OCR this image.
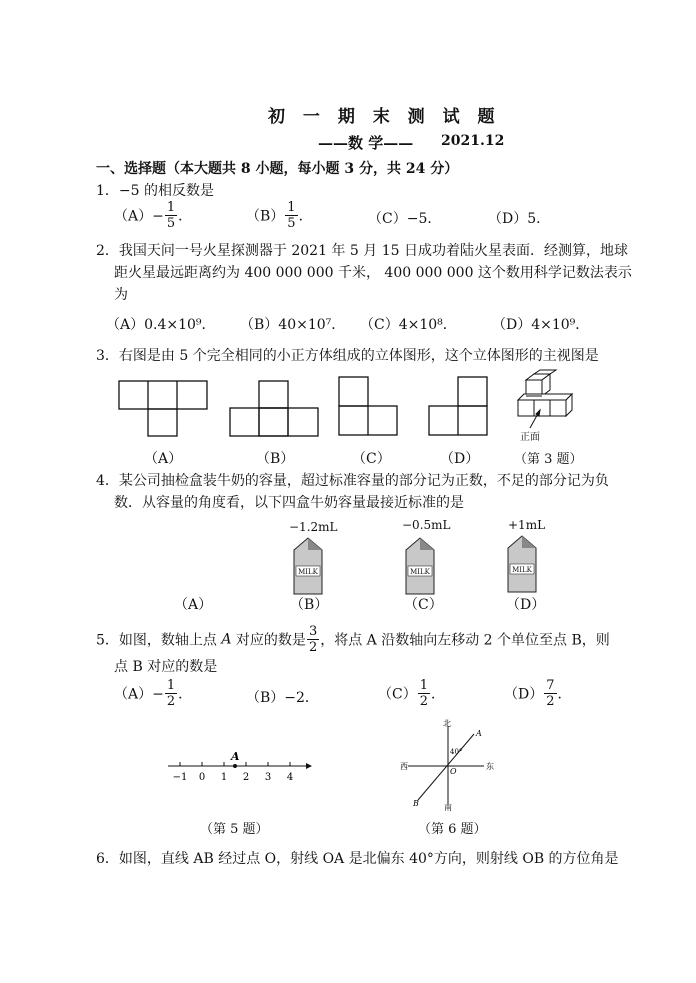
初 一 期 末 测 试 题
——数 学—— 2021.12
一、选择题（本大题共 8 小题，每小题 3 分，共 24 分）
1．−5 的相反数是
$(A)- \frac{1}{5}$ ．	$(B) \frac{1}{5}$ ．	（C）−5．	（D）5．
2．我国天问一号火星探测器于 2021 年 5 月 15 日成功着陆火星表面．经测算，地球
距火星最远距离约为 400 000 000 千米， 400 000 000 这个数用科学记数法表示
为
（A）0.4×10⁹． （B）40×10⁷． （C）4×10⁸．	（D）4×10⁹．
3．右图是由 5 个完全相同的小正方体组成的立体图形，这个立体图形的主视图是
正面
（A）	（B）	（C）	（D）	（第 3 题）
4．某公司抽检盒装牛奶的容量，超过标准容量的部分记为正数，不足的部分记为负
数．从容量的角度看，以下四盒牛奶容量最接近标准的是
−1.2mL	−0.5mL	+1mL
MILK	MILK	MILK
（A）	（B）	（C）	（D）
5．如图，数轴上点 A 对应的数是 $\frac{3}{2}$ ，将点 A 沿数轴向左移动 2 个单位至点 B，则
点 B 对应的数是
$(A)- \frac{1}{2}$ ．	（B）−2．	$(C) \frac{1}{2}$ ．	$(D) \frac{7}{2}$ ．
A
−1 0 1 2 3 4
（第 5 题）
北
南
东
西
A
B
O
40°
（第 6 题）
6．如图，直线 AB 经过点 O，射线 OA 是北偏东 40°方向，则射线 OB 的方位角是
